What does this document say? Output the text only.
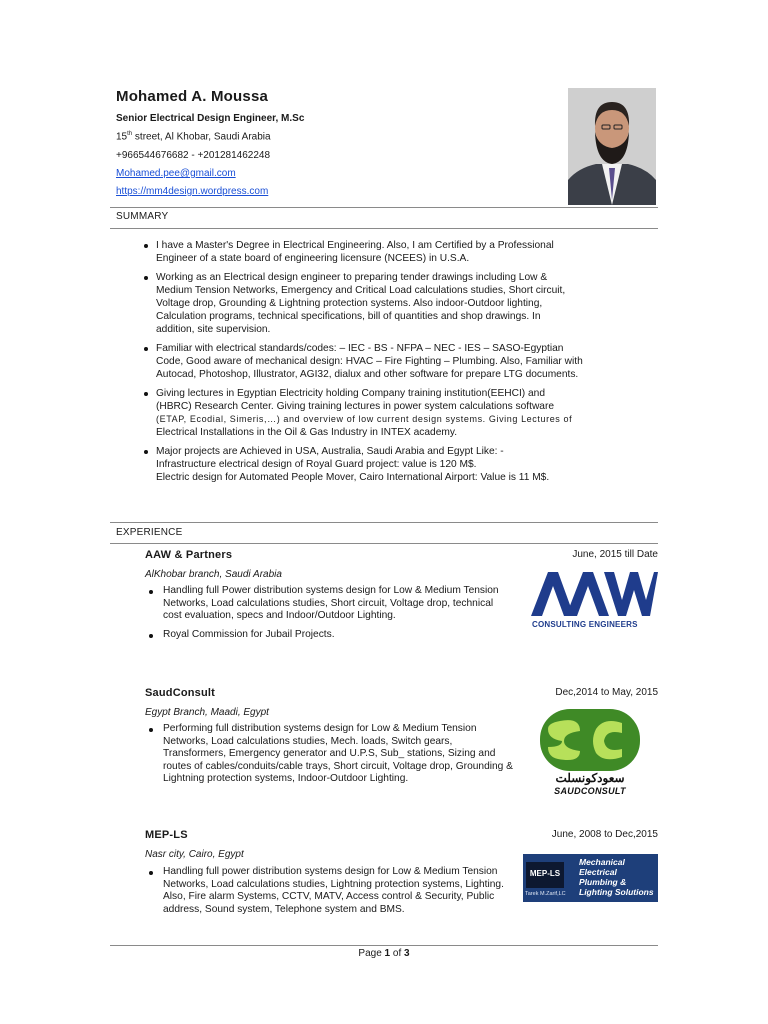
Mohamed A. Moussa
Senior Electrical Design Engineer, M.Sc
15th street, Al Khobar, Saudi Arabia
+966544676682 - +201281462248
Mohamed.pee@gmail.com
https://mm4design.wordpress.com
SUMMARY
I have a Master's Degree in Electrical Engineering. Also, I am Certified by a Professional
Engineer of a state board of engineering licensure (NCEES) in U.S.A.
Working as an Electrical design engineer to preparing tender drawings including Low &
Medium Tension Networks, Emergency and Critical Load calculations studies, Short circuit,
Voltage drop, Grounding & Lightning protection systems. Also indoor-Outdoor lighting,
Calculation programs, technical specifications, bill of quantities and shop drawings. In
addition, site supervision.
Familiar with electrical standards/codes: – IEC - BS - NFPA – NEC - IES – SASO-Egyptian
Code, Good aware of mechanical design: HVAC – Fire Fighting – Plumbing. Also, Familiar with
Autocad, Photoshop, Illustrator, AGI32, dialux and other software for prepare LTG documents.
Giving lectures in Egyptian Electricity holding Company training institution(EEHCI) and
(HBRC) Research Center. Giving training lectures in power system calculations software
(ETAP, Ecodial, Simeris,…) and overview of low current design systems. Giving Lectures of
Electrical Installations in the Oil & Gas Industry in INTEX academy.
Major projects are Achieved in USA, Australia, Saudi Arabia and Egypt Like: -
Infrastructure electrical design of Royal Guard project: value is 120 M$.
Electric design for Automated People Mover, Cairo International Airport: Value is 11 M$.
EXPERIENCE
AAW & Partners	June, 2015 till Date
AlKhobar branch, Saudi Arabia
Handling full Power distribution systems design for Low & Medium Tension Networks, Load calculations studies, Short circuit, Voltage drop, technical cost evaluation, specs and Indoor/Outdoor Lighting.
Royal Commission for Jubail Projects.
CONSULTING ENGINEERS
SaudConsult	Dec,2014 to May, 2015
Egypt Branch, Maadi, Egypt
Performing full distribution systems design for Low & Medium Tension Networks, Load calculations studies, Mech. loads, Switch gears, Transformers, Emergency generator and U.P.S, Sub_ stations, Sizing and routes of cables/conduits/cable trays, Short circuit, Voltage drop, Grounding & Lightning protection systems, Indoor-Outdoor Lighting.	سعودكونسلت
SAUDCONSULT
MEP-LS	June, 2008 to Dec,2015
Nasr city, Cairo, Egypt
Handling full power distribution systems design for Low & Medium Tension Networks, Load calculations studies, Lightning protection systems, Lighting. Also, Fire alarm Systems, CCTV, MATV, Access control & Security, Public address, Sound system, Telephone system and BMS.
MEP-LS
Tarek M.Zarif,LC
Mechanical
Electrical
Plumbing &
Lighting Solutions
Page 1 of 3
